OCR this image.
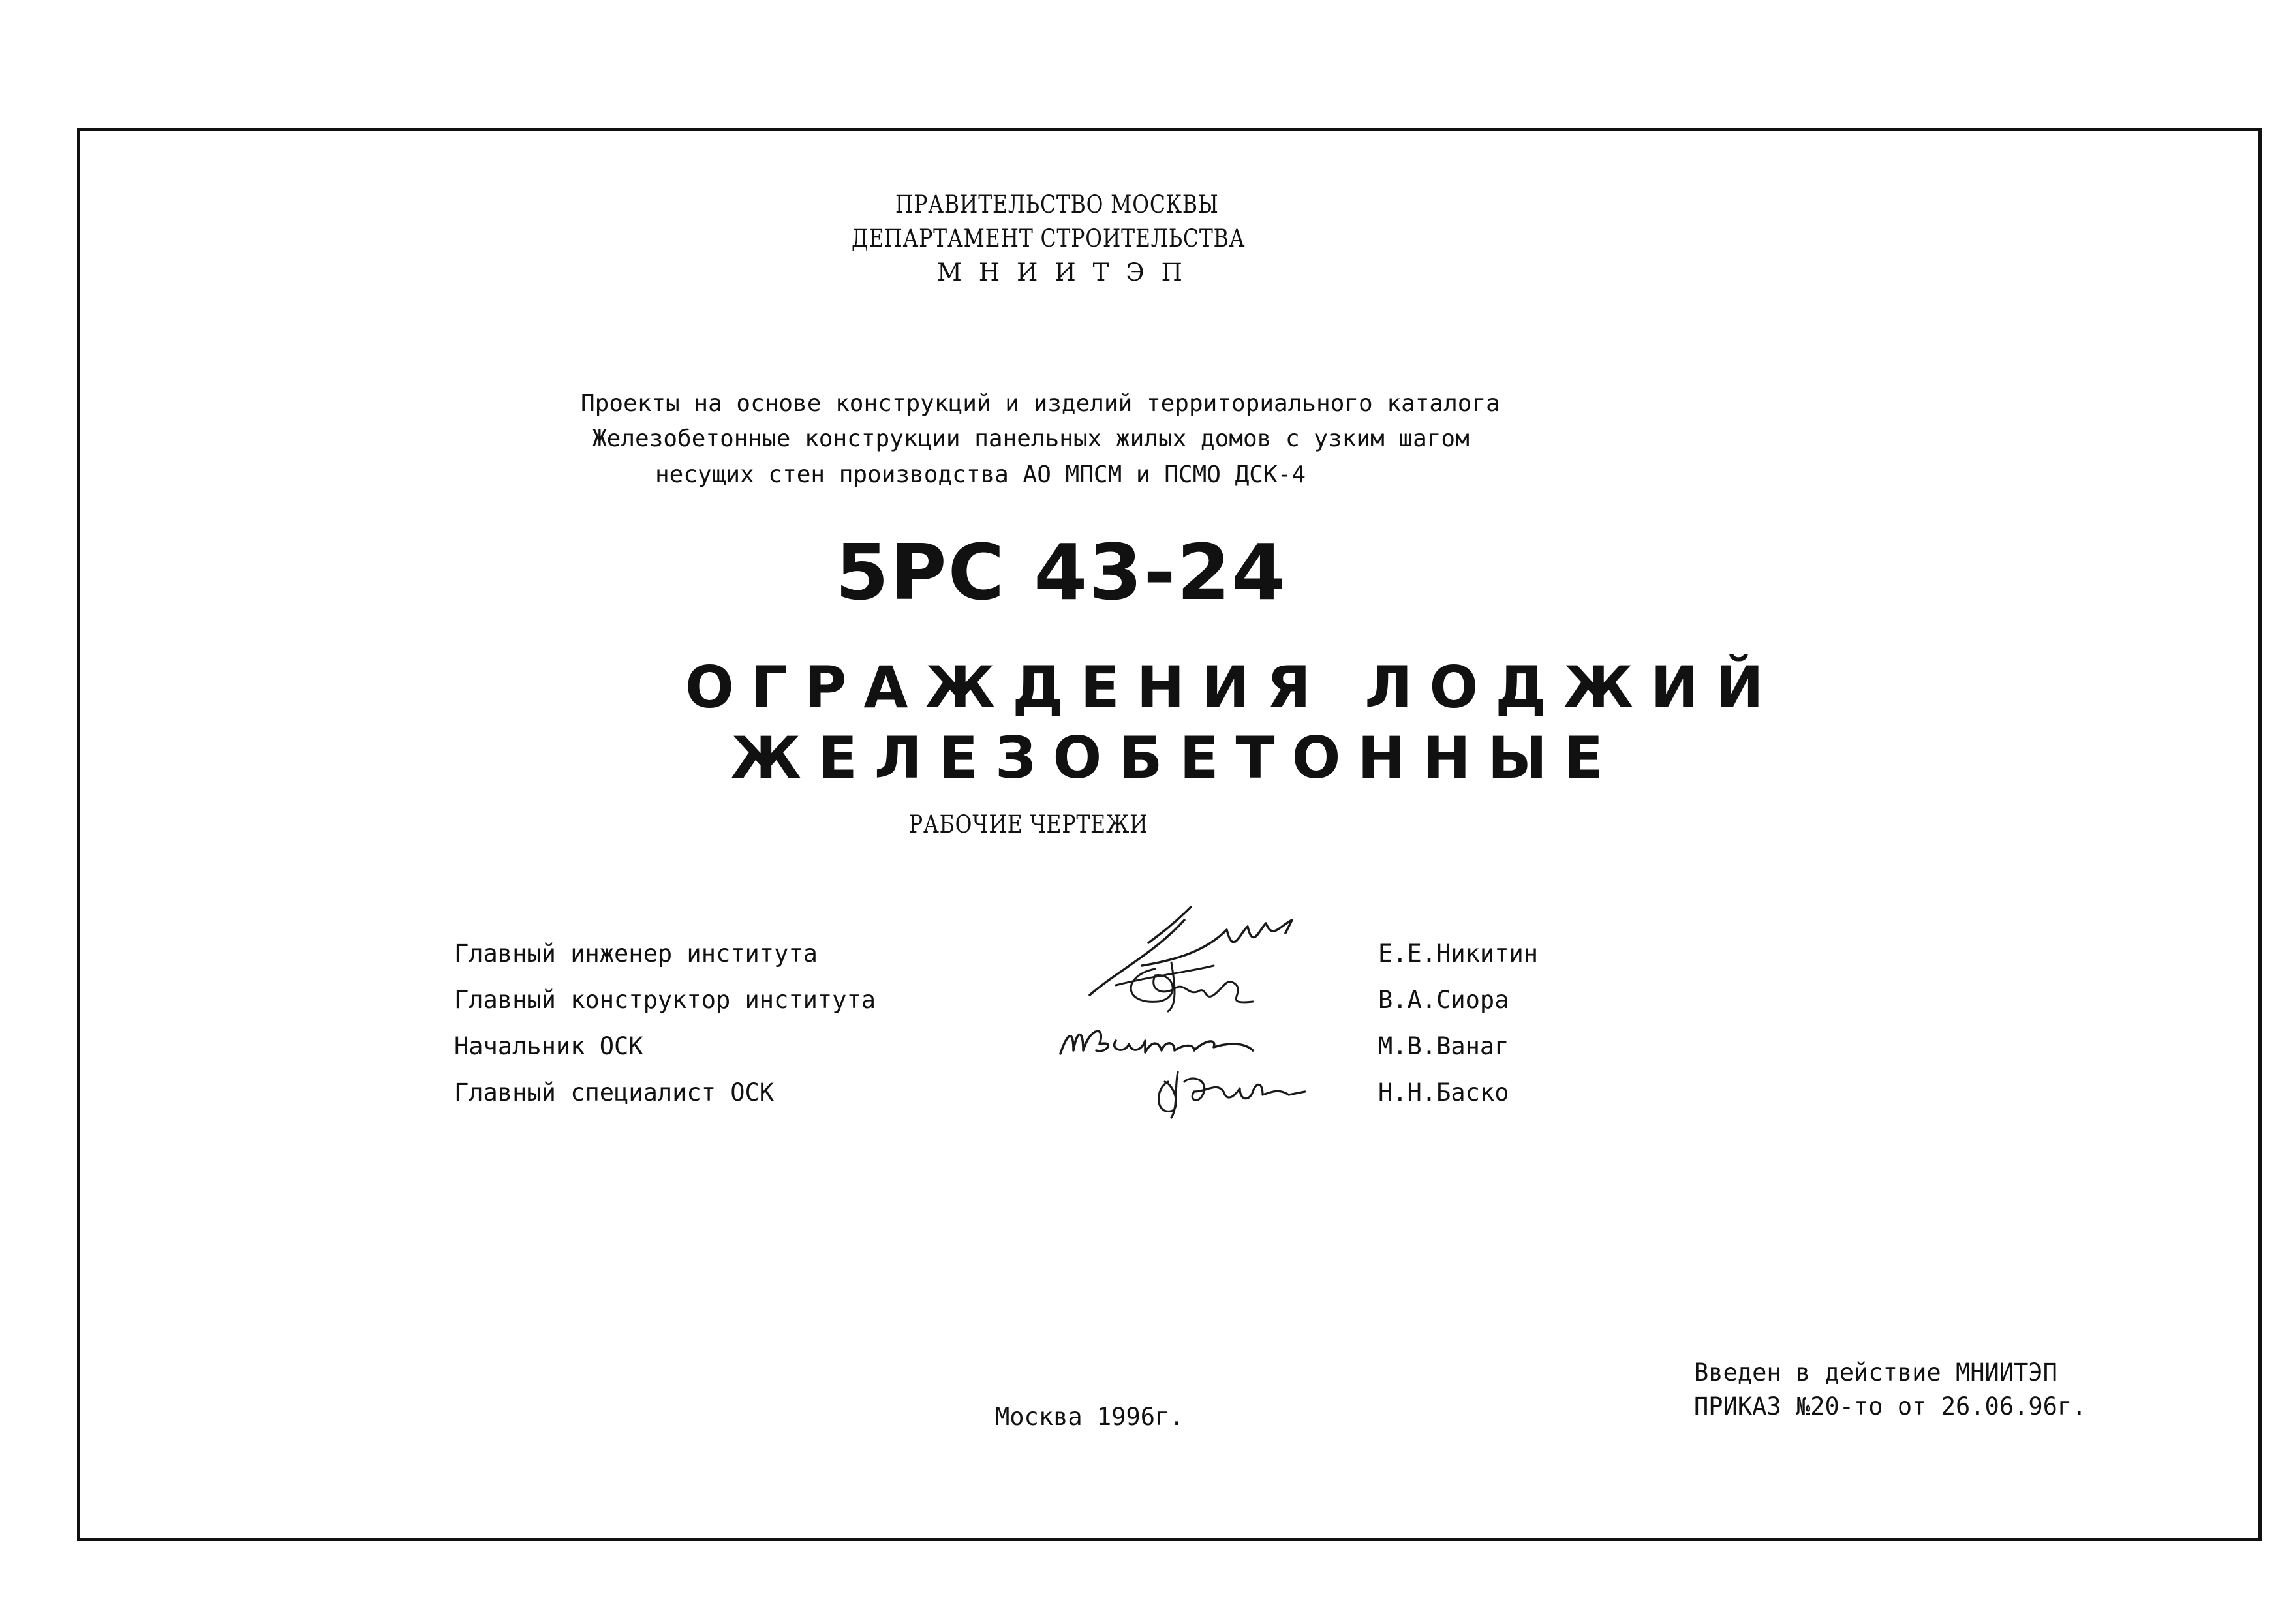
ПРАВИТЕЛЬСТВО МОСКВЫ
ДЕПАРТАМЕНТ СТРОИТЕЛЬСТВА
МНИИТЭП
Проекты на основе конструкций и изделий территориального каталога
Железобетонные конструкции панельных жилых домов с узким шагом
несущих стен производства АО МПСМ и ПСМО ДСК-4
5РС 43-24
ОГРАЖДЕНИЯ ЛОДЖИЙ
ЖЕЛЕЗОБЕТОННЫЕ
РАБОЧИЕ ЧЕРТЕЖИ
Главный инженер института
Главный конструктор института
Начальник ОСК
Главный специалист ОСК
Е.Е.Никитин
В.А.Сиора
М.В.Ванаг
Н.Н.Баско
Москва 1996г.
Введен в действие МНИИТЭП
ПРИКАЗ №20-то от 26.06.96г.
